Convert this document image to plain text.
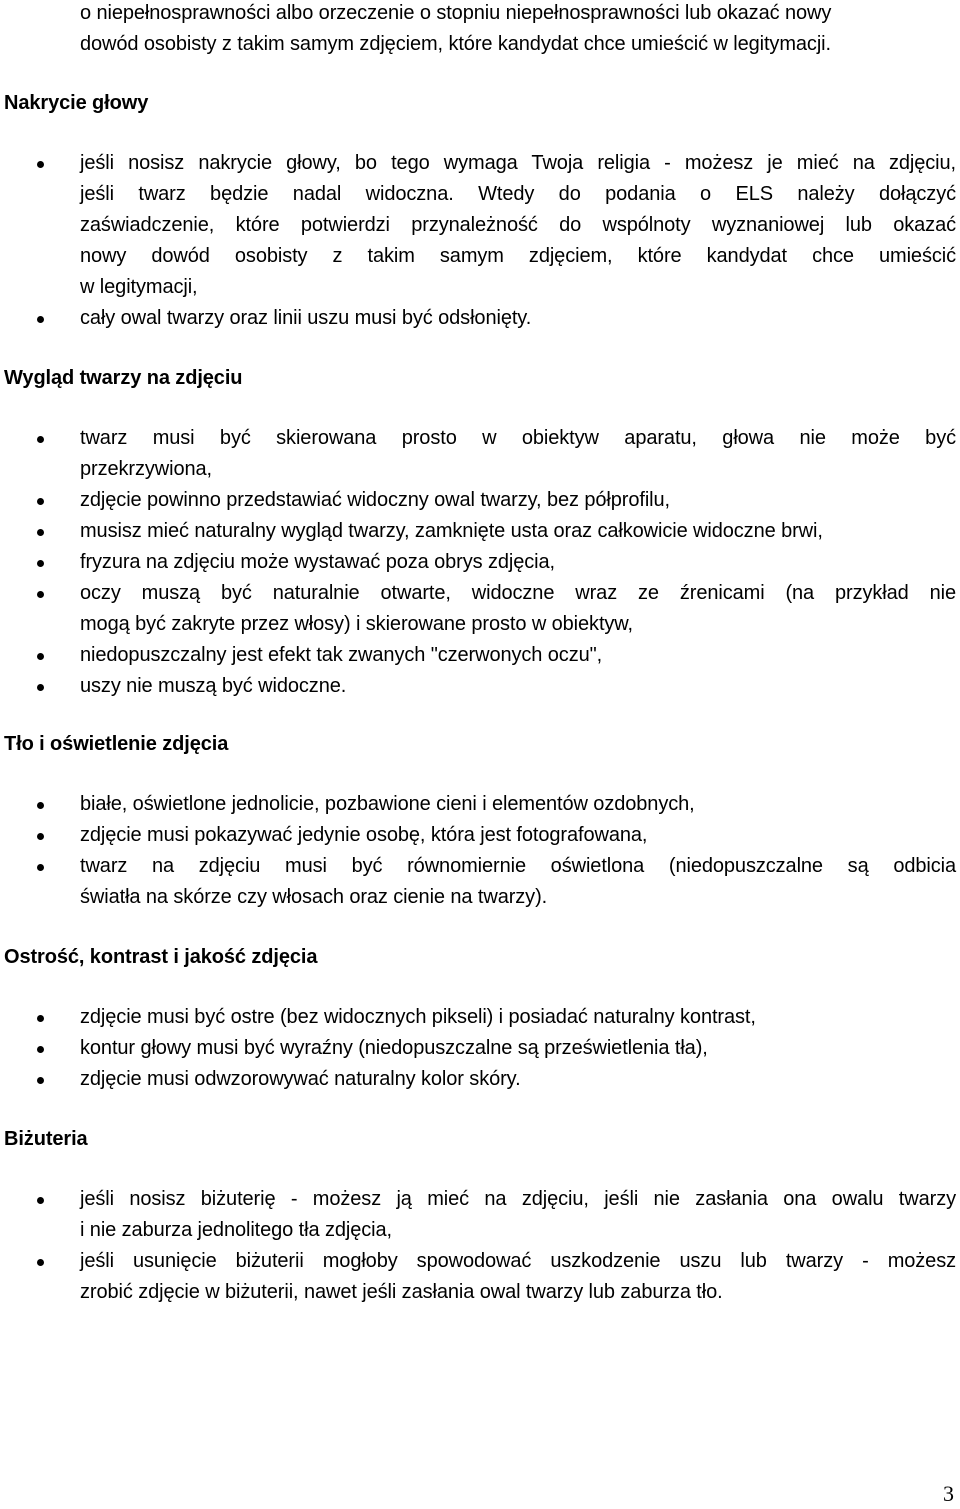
o niepełnosprawności albo orzeczenie o stopniu niepełnosprawności lub okazać nowy
dowód osobisty z takim samym zdjęciem, które kandydat chce umieścić w legitymacji.
Nakrycie głowy
jeśli nosisz nakrycie głowy, bo tego wymaga Twoja religia - możesz je mieć na zdjęciu,
jeśli twarz będzie nadal widoczna. Wtedy do podania o ELS należy dołączyć
zaświadczenie, które potwierdzi przynależność do wspólnoty wyznaniowej lub okazać
nowy dowód osobisty z takim samym zdjęciem, które kandydat chce umieścić
w legitymacji,
cały owal twarzy oraz linii uszu musi być odsłonięty.
Wygląd twarzy na zdjęciu
twarz musi być skierowana prosto w obiektyw aparatu, głowa nie może być
przekrzywiona,
zdjęcie powinno przedstawiać widoczny owal twarzy, bez półprofilu,
musisz mieć naturalny wygląd twarzy, zamknięte usta oraz całkowicie widoczne brwi,
fryzura na zdjęciu może wystawać poza obrys zdjęcia,
oczy muszą być naturalnie otwarte, widoczne wraz ze źrenicami (na przykład nie
mogą być zakryte przez włosy) i skierowane prosto w obiektyw,
niedopuszczalny jest efekt tak zwanych "czerwonych oczu",
uszy nie muszą być widoczne.
Tło i oświetlenie zdjęcia
białe, oświetlone jednolicie, pozbawione cieni i elementów ozdobnych,
zdjęcie musi pokazywać jedynie osobę, która jest fotografowana,
twarz na zdjęciu musi być równomiernie oświetlona (niedopuszczalne są odbicia
światła na skórze czy włosach oraz cienie na twarzy).
Ostrość, kontrast i jakość zdjęcia
zdjęcie musi być ostre (bez widocznych pikseli) i posiadać naturalny kontrast,
kontur głowy musi być wyraźny (niedopuszczalne są prześwietlenia tła),
zdjęcie musi odwzorowywać naturalny kolor skóry.
Biżuteria
jeśli nosisz biżuterię - możesz ją mieć na zdjęciu, jeśli nie zasłania ona owalu twarzy
i nie zaburza jednolitego tła zdjęcia,
jeśli usunięcie biżuterii mogłoby spowodować uszkodzenie uszu lub twarzy - możesz
zrobić zdjęcie w biżuterii, nawet jeśli zasłania owal twarzy lub zaburza tło.
3
